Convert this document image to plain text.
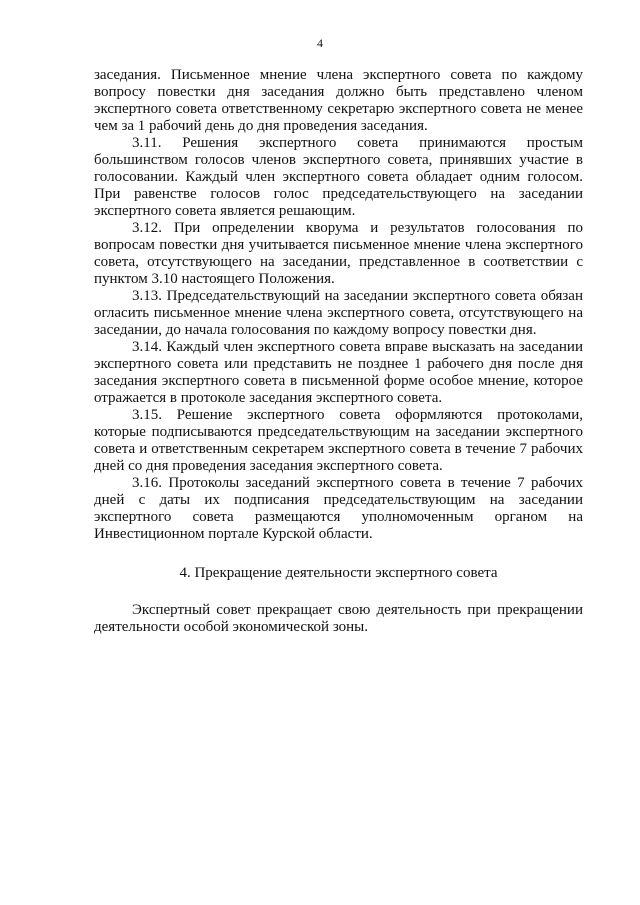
4

заседания. Письменное мнение члена экспертного совета по каждому вопросу повестки дня заседания должно быть представлено членом экспертного совета ответственному секретарю экспертного совета не менее чем за 1 рабочий день до дня проведения заседания.

3.11. Решения экспертного совета принимаются простым большинством голосов членов экспертного совета, принявших участие в голосовании. Каждый член экспертного совета обладает одним голосом. При равенстве голосов голос председательствующего на заседании экспертного совета является решающим.

3.12. При определении кворума и результатов голосования по вопросам повестки дня учитывается письменное мнение члена экспертного совета, отсутствующего на заседании, представленное в соответствии с пунктом 3.10 настоящего Положения.

3.13. Председательствующий на заседании экспертного совета обязан огласить письменное мнение члена экспертного совета, отсутствующего на заседании, до начала голосования по каждому вопросу повестки дня.

3.14. Каждый член экспертного совета вправе высказать на заседании экспертного совета или представить не позднее 1 рабочего дня после дня заседания экспертного совета в письменной форме особое мнение, которое отражается в протоколе заседания экспертного совета.

3.15. Решение экспертного совета оформляются протоколами, которые подписываются председательствующим на заседании экспертного совета и ответственным секретарем экспертного совета в течение 7 рабочих дней со дня проведения заседания экспертного совета.

3.16. Протоколы заседаний экспертного совета в течение 7 рабочих дней с даты их подписания председательствующим на заседании экспертного совета размещаются уполномоченным органом на Инвестиционном портале Курской области.

4. Прекращение деятельности экспертного совета

Экспертный совет прекращает свою деятельность при прекращении деятельности особой экономической зоны.
